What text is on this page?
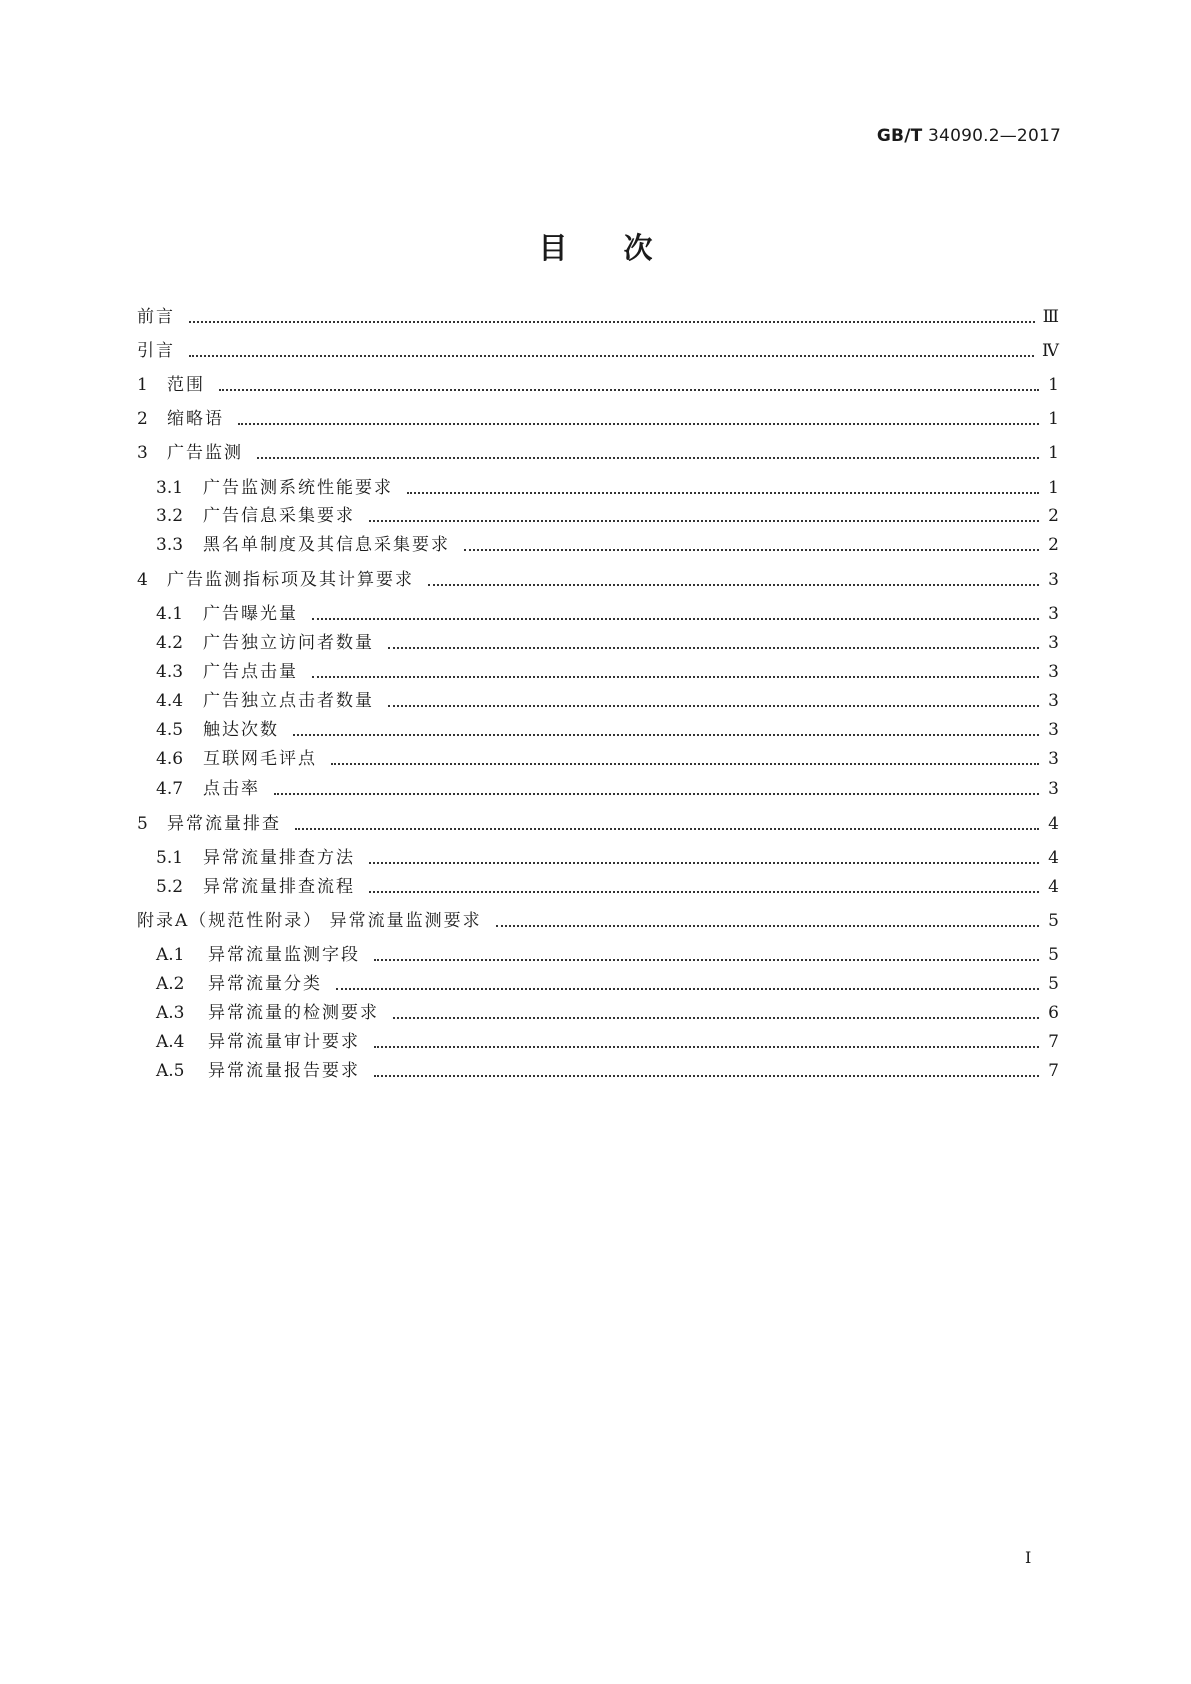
GB/T 34090.2—2017
目次
前言	Ⅲ
引言	Ⅳ
1	范围	1
2	缩略语	1
3	广告监测	1
3.1	广告监测系统性能要求	1
3.2	广告信息采集要求	2
3.3	黑名单制度及其信息采集要求	2
4	广告监测指标项及其计算要求	3
4.1	广告曝光量	3
4.2	广告独立访问者数量	3
4.3	广告点击量	3
4.4	广告独立点击者数量	3
4.5	触达次数	3
4.6	互联网毛评点	3
4.7	点击率	3
5	异常流量排查	4
5.1	异常流量排查方法	4
5.2	异常流量排查流程	4
附录A（规范性附录） 异常流量监测要求	5
A.1	异常流量监测字段	5
A.2	异常流量分类	5
A.3	异常流量的检测要求	6
A.4	异常流量审计要求	7
A.5	异常流量报告要求	7
Ⅰ
